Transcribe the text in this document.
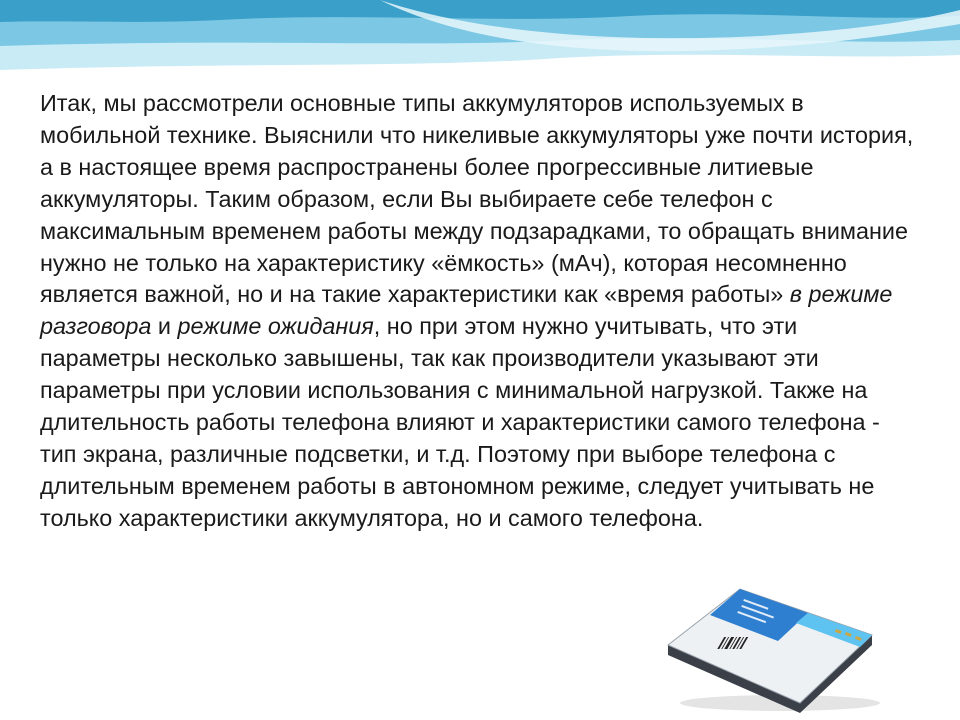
Итак, мы рассмотрели основные типы аккумуляторов используемых в мобильной технике. Выяснили что никеливые аккумуляторы уже почти история, а в настоящее время распространены более прогрессивные литиевые аккумуляторы. Таким образом, если Вы выбираете себе телефон с максимальным временем работы между подзарадками, то обращать внимание нужно не только на характеристику «ёмкость» (мАч), которая несомненно является важной, но и на такие характеристики как «время работы» в режиме разговора и режиме ожидания, но при этом нужно учитывать, что эти параметры несколько завышены, так как производители указывают эти параметры при условии использования с минимальной нагрузкой. Также на длительность работы телефона влияют и характеристики самого телефона - тип экрана, различные подсветки, и т.д. Поэтому при выборе телефона с длительным временем работы в автономном режиме, следует учитывать не только характеристики аккумулятора, но и самого телефона.
